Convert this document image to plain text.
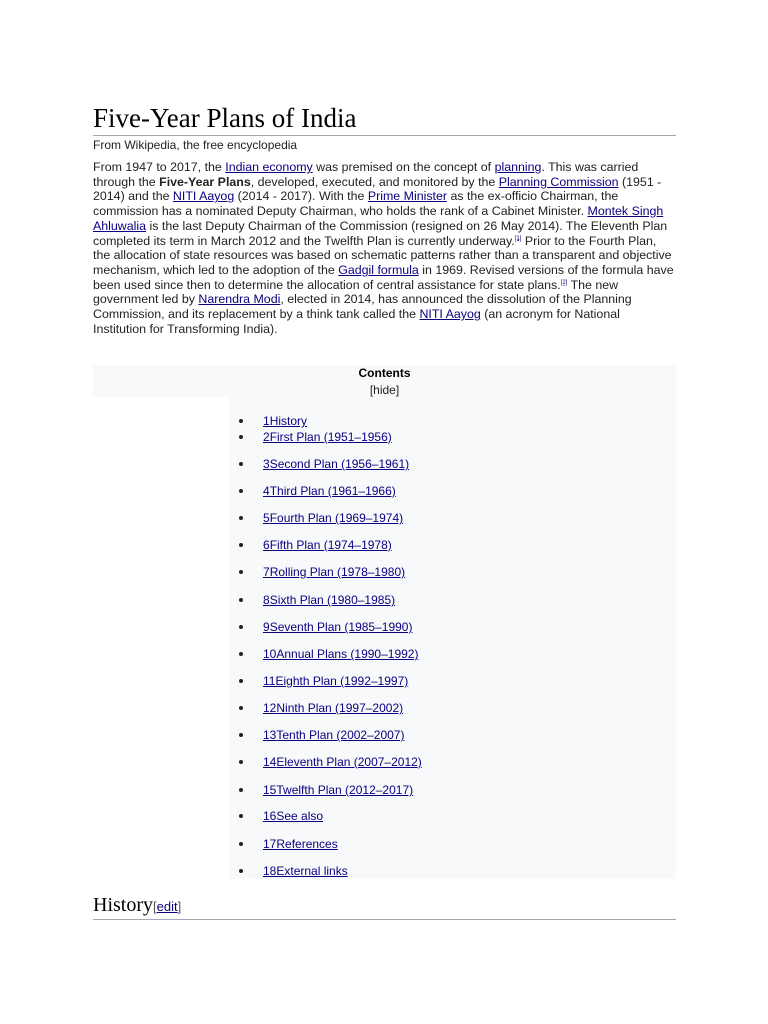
Five-Year Plans of India
From Wikipedia, the free encyclopedia

From 1947 to 2017, the Indian economy was premised on the concept of planning. This was carried through the Five-Year Plans, developed, executed, and monitored by the Planning Commission (1951 - 2014) and the NITI Aayog (2014 - 2017). With the Prime Minister as the ex-officio Chairman, the commission has a nominated Deputy Chairman, who holds the rank of a Cabinet Minister. Montek Singh Ahluwalia is the last Deputy Chairman of the Commission (resigned on 26 May 2014). The Eleventh Plan completed its term in March 2012 and the Twelfth Plan is currently underway.[1] Prior to the Fourth Plan, the allocation of state resources was based on schematic patterns rather than a transparent and objective mechanism, which led to the adoption of the Gadgil formula in 1969. Revised versions of the formula have been used since then to determine the allocation of central assistance for state plans.[2] The new government led by Narendra Modi, elected in 2014, has announced the dissolution of the Planning Commission, and its replacement by a think tank called the NITI Aayog (an acronym for National Institution for Transforming India).

Contents
[hide]
1History
2First Plan (1951–1956)
3Second Plan (1956–1961)
4Third Plan (1961–1966)
5Fourth Plan (1969–1974)
6Fifth Plan (1974–1978)
7Rolling Plan (1978–1980)
8Sixth Plan (1980–1985)
9Seventh Plan (1985–1990)
10Annual Plans (1990–1992)
11Eighth Plan (1992–1997)
12Ninth Plan (1997–2002)
13Tenth Plan (2002–2007)
14Eleventh Plan (2007–2012)
15Twelfth Plan (2012–2017)
16See also
17References
18External links
History[edit]
